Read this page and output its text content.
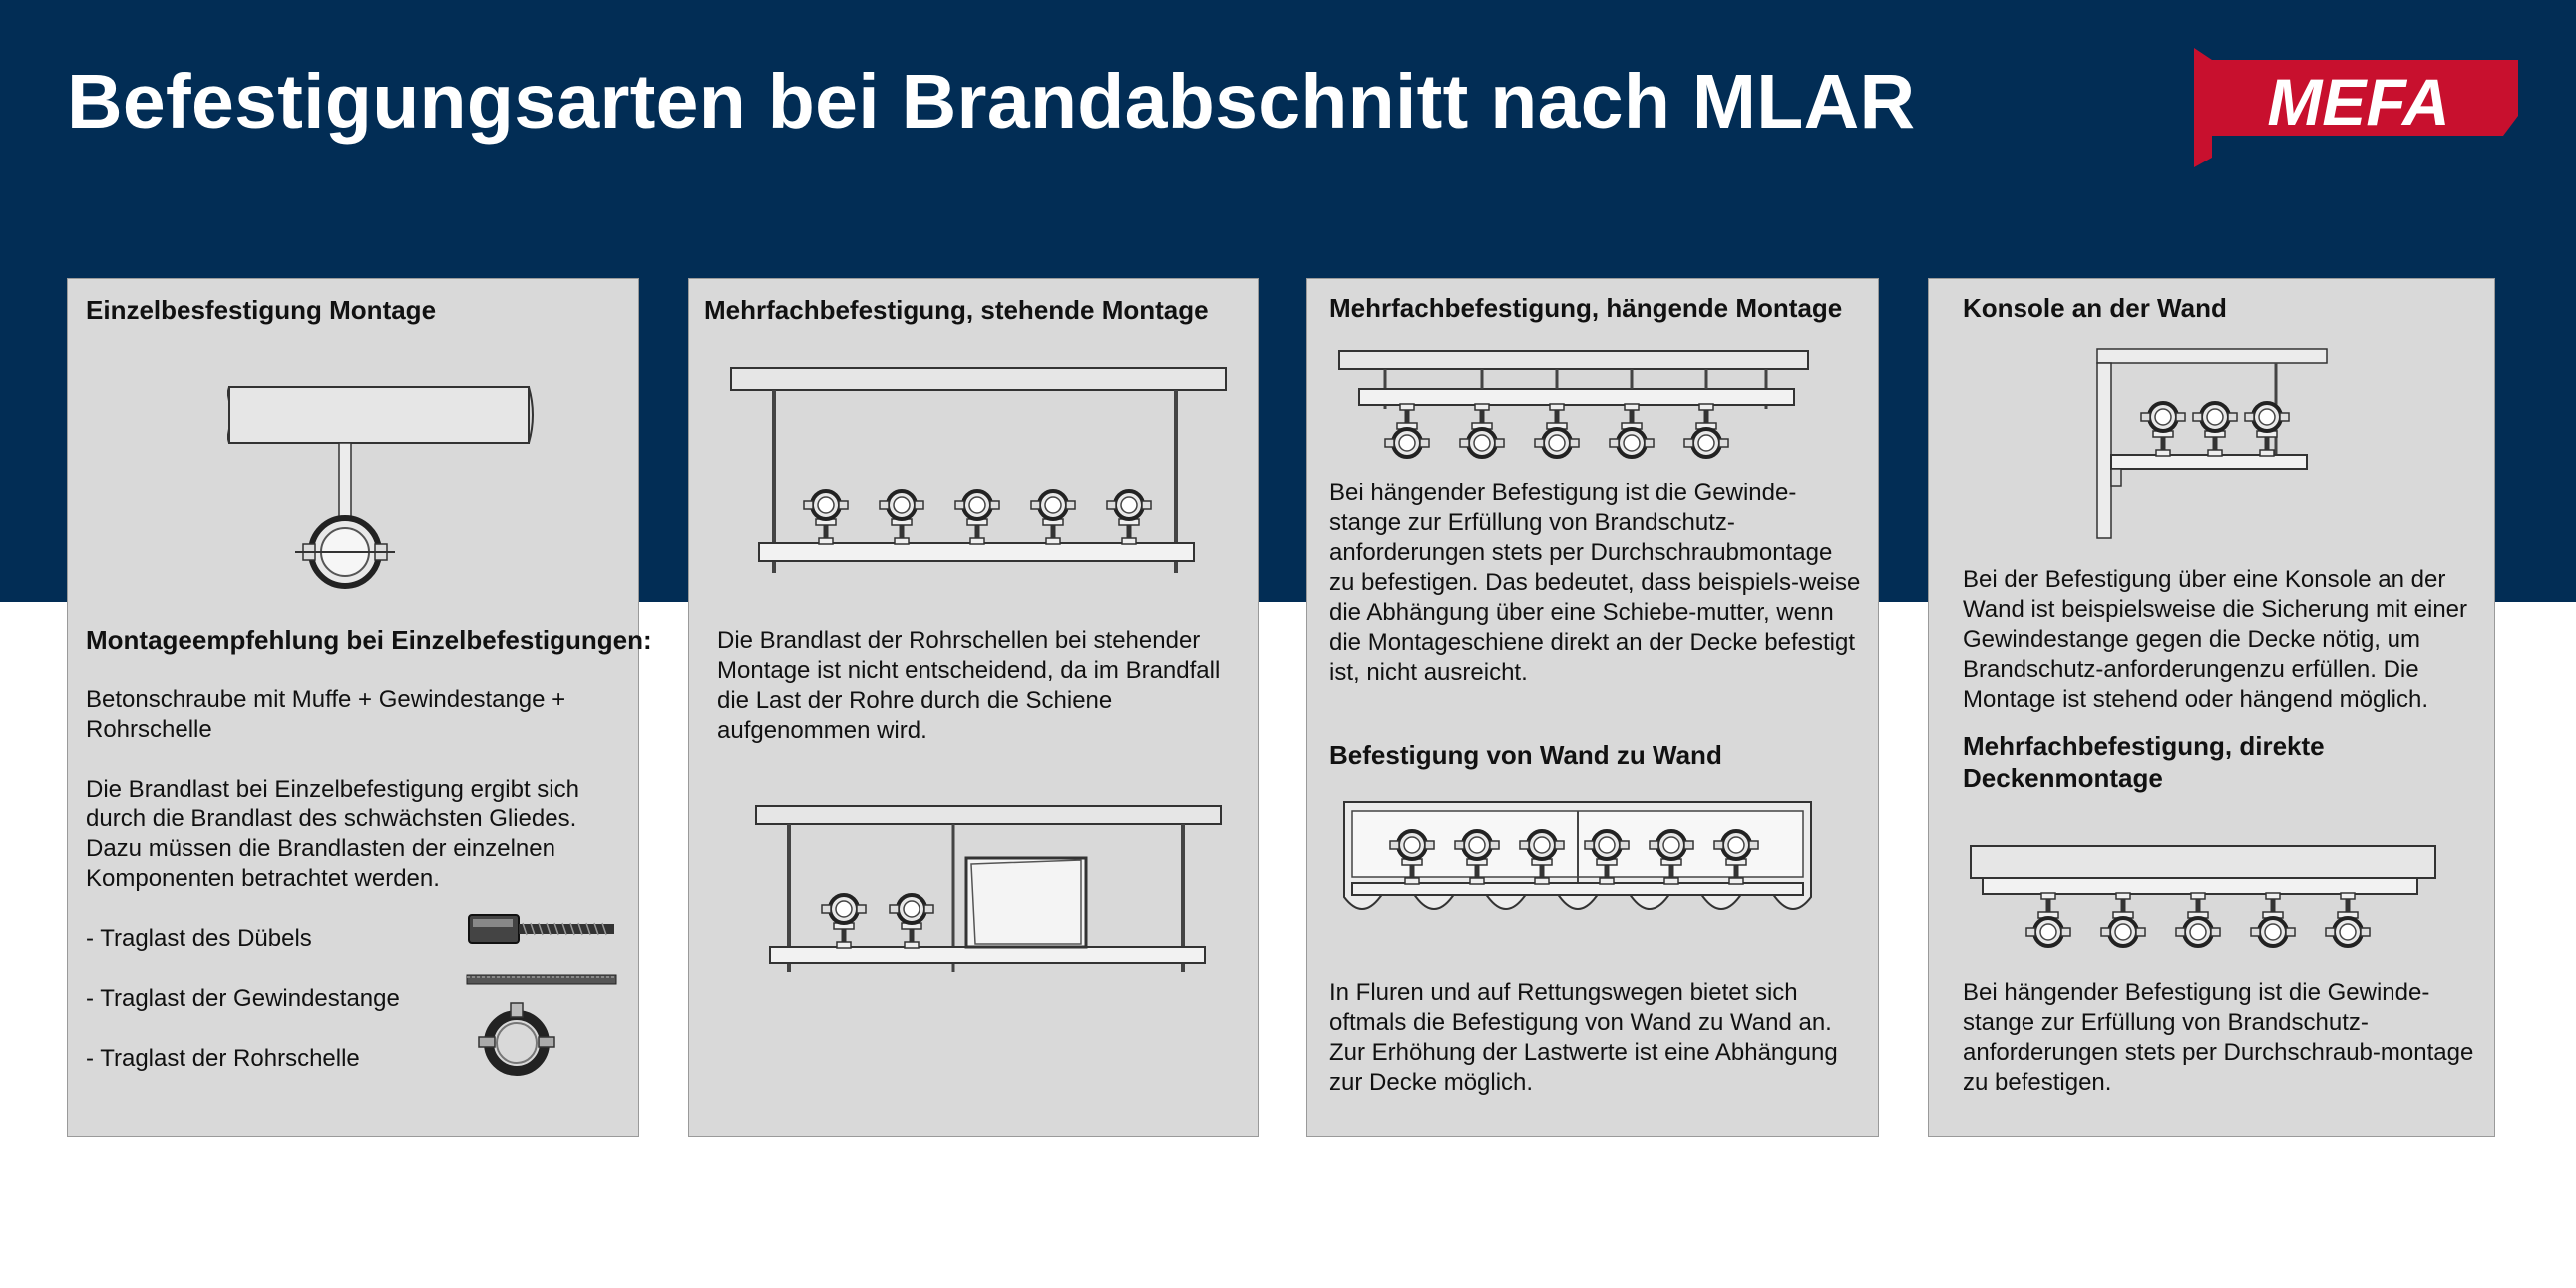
Befestigungsarten bei Brandabschnitt nach MLAR	MEFA

Einzelbesfestigung Montage

Montageempfehlung bei Einzelbefestigungen:

Betonschraube mit Muffe + Gewindestange + Rohrschelle

Die Brandlast bei Einzelbefestigung ergibt sich durch die Brandlast des schwächsten Gliedes. Dazu müssen die Brandlasten der einzelnen Komponenten betrachtet werden.

- Traglast des Dübels

- Traglast der Gewindestange

- Traglast der Rohrschelle

Mehrfachbefestigung, stehende Montage

Die Brandlast der Rohrschellen bei stehender Montage ist nicht entscheidend, da im Brandfall die Last der Rohre durch die Schiene aufgenommen wird.

Mehrfachbefestigung, hängende Montage

Bei hängender Befestigung ist die Gewinde-stange zur Erfüllung von Brandschutz-anforderungen stets per Durchschraubmontage zu befestigen. Das bedeutet, dass beispiels-weise die Abhängung über eine Schiebe-mutter, wenn die Montageschiene direkt an der Decke befestigt ist, nicht ausreicht.

Befestigung von Wand zu Wand

In Fluren und auf Rettungswegen bietet sich oftmals die Befestigung von Wand zu Wand an. Zur Erhöhung der Lastwerte ist eine Abhängung zur Decke möglich.

Konsole an der Wand

Bei der Befestigung über eine Konsole an der Wand ist beispielsweise die Sicherung mit einer Gewindestange gegen die Decke nötig, um Brandschutz-anforderungenzu erfüllen. Die Montage ist stehend oder hängend möglich.

Mehrfachbefestigung, direkte Deckenmontage

Bei hängender Befestigung ist die Gewinde-stange zur Erfüllung von Brandschutz-anforderungen stets per Durchschraub-montage zu befestigen.
